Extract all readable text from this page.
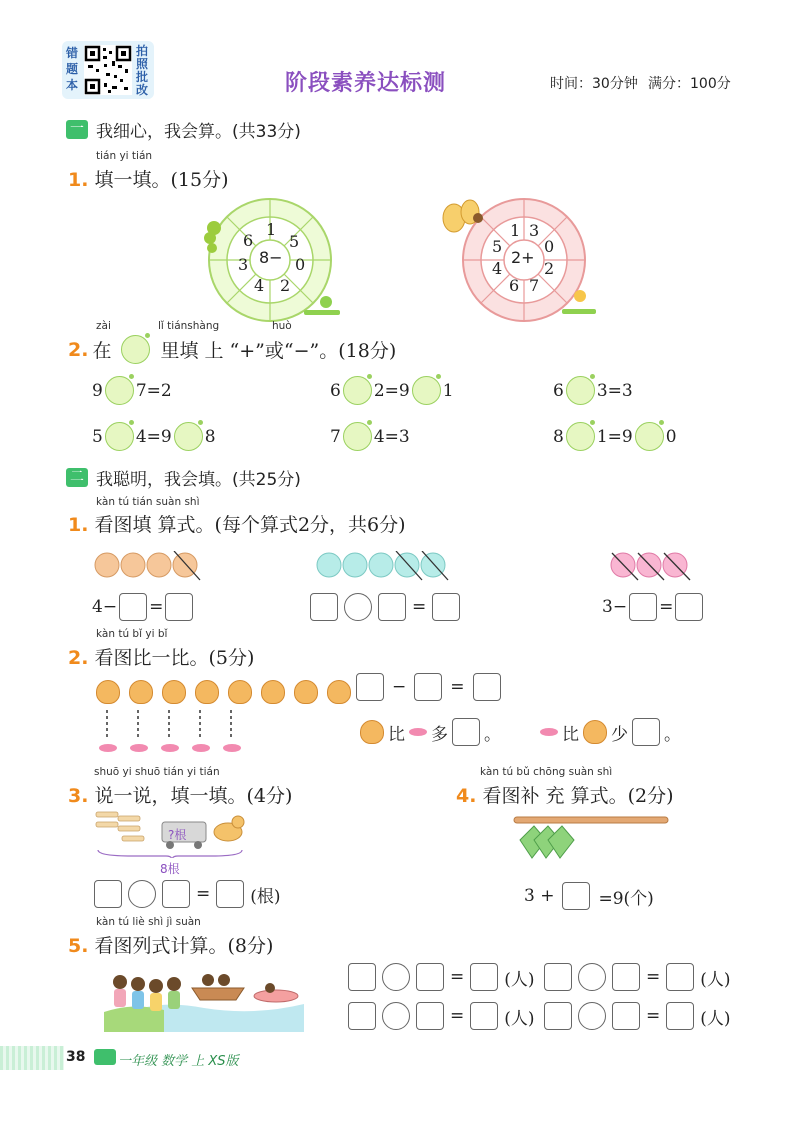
错题本
拍照批改	阶段素养达标测	时间：30分钟 满分：100分
一 我细心，我会算。(共33分)
tián yi tián
1. 填一填。(15分)
8−
1
5
0
2
4
3
6
2+
1 3
0
2
7
6
4
5
zài	lǐ tiánshàng	huò
2. 在	里填 上 “+”或“−”。(18分)
9 7=2	6 2=9 1	6 3=3
5 4=9 8	7 4=3	8 1=9 0
二 我聪明，我会填。(共25分)
kàn tú tián suàn shì
1. 看图填 算式。(每个算式2分，共6分)
4− =	=	3− =
kàn tú bǐ yi bǐ
2. 看图比一比。(5分)
−	=
比 多 。	比 少 。
shuō yi shuō tián yi tián
3. 说一说，填一填。(4分)
?根
8根
= (根)
kàn tú bǔ chōng suàn shì
4. 看图补 充 算式。(2分)
3 +	=9(个)
kàn tú liè shì jì suàn
5. 看图列式计算。(8分)
= (人)	= (人)
= (人)	= (人)
38	一年级 数学 上 XS版
